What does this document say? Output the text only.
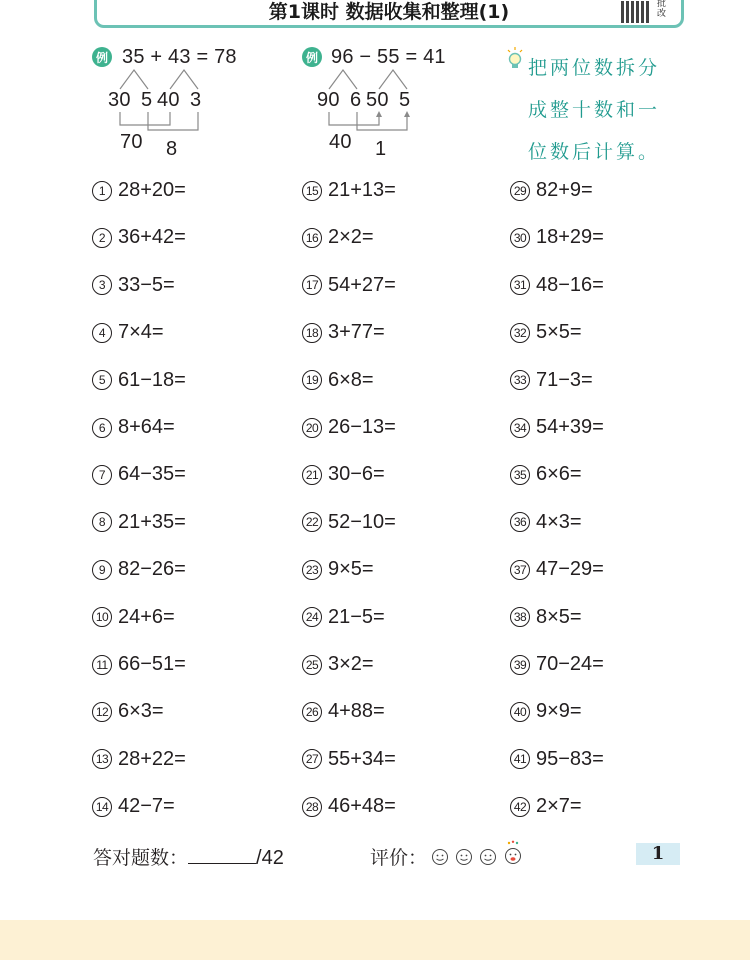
第1课时 数据收集和整理(1)	批改
例 35 + 43 = 78
30 5 40 3
70 8
例 96 − 55 = 41
90 6 50 5
40 1
把两位数拆分
成整十数和一
位数后计算。
1 28+20=
2 36+42=
3 33−5=
4 7×4=
5 61−18=
6 8+64=
7 64−35=
8 21+35=
9 82−26=
10 24+6=
11 66−51=
12 6×3=
13 28+22=
14 42−7=
15 21+13=
16 2×2=
17 54+27=
18 3+77=
19 6×8=
20 26−13=
21 30−6=
22 52−10=
23 9×5=
24 21−5=
25 3×2=
26 4+88=
27 55+34=
28 46+48=
29 82+9=
30 18+29=
31 48−16=
32 5×5=
33 71−3=
34 54+39=
35 6×6=
36 4×3=
37 47−29=
38 8×5=
39 70−24=
40 9×9=
41 95−83=
42 2×7=
答对题数：	/42	评价：	1
